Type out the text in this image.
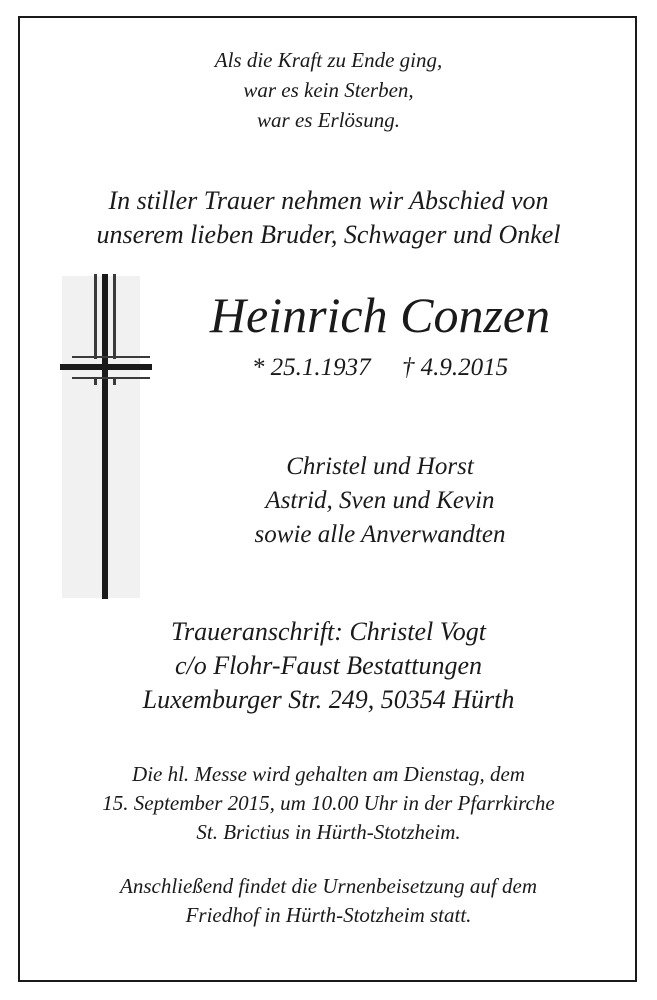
Als die Kraft zu Ende ging,
war es kein Sterben,
war es Erlösung.
In stiller Trauer nehmen wir Abschied von
unserem lieben Bruder, Schwager und Onkel
Heinrich Conzen
* 25.1.1937     † 4.9.2015
Christel und Horst
Astrid, Sven und Kevin
sowie alle Anverwandten
Traueranschrift: Christel Vogt
c/o Flohr-Faust Bestattungen
Luxemburger Str. 249, 50354 Hürth
Die hl. Messe wird gehalten am Dienstag, dem
15. September 2015, um 10.00 Uhr in der Pfarrkirche
St. Brictius in Hürth-Stotzheim.
Anschließend findet die Urnenbeisetzung auf dem
Friedhof in Hürth-Stotzheim statt.
